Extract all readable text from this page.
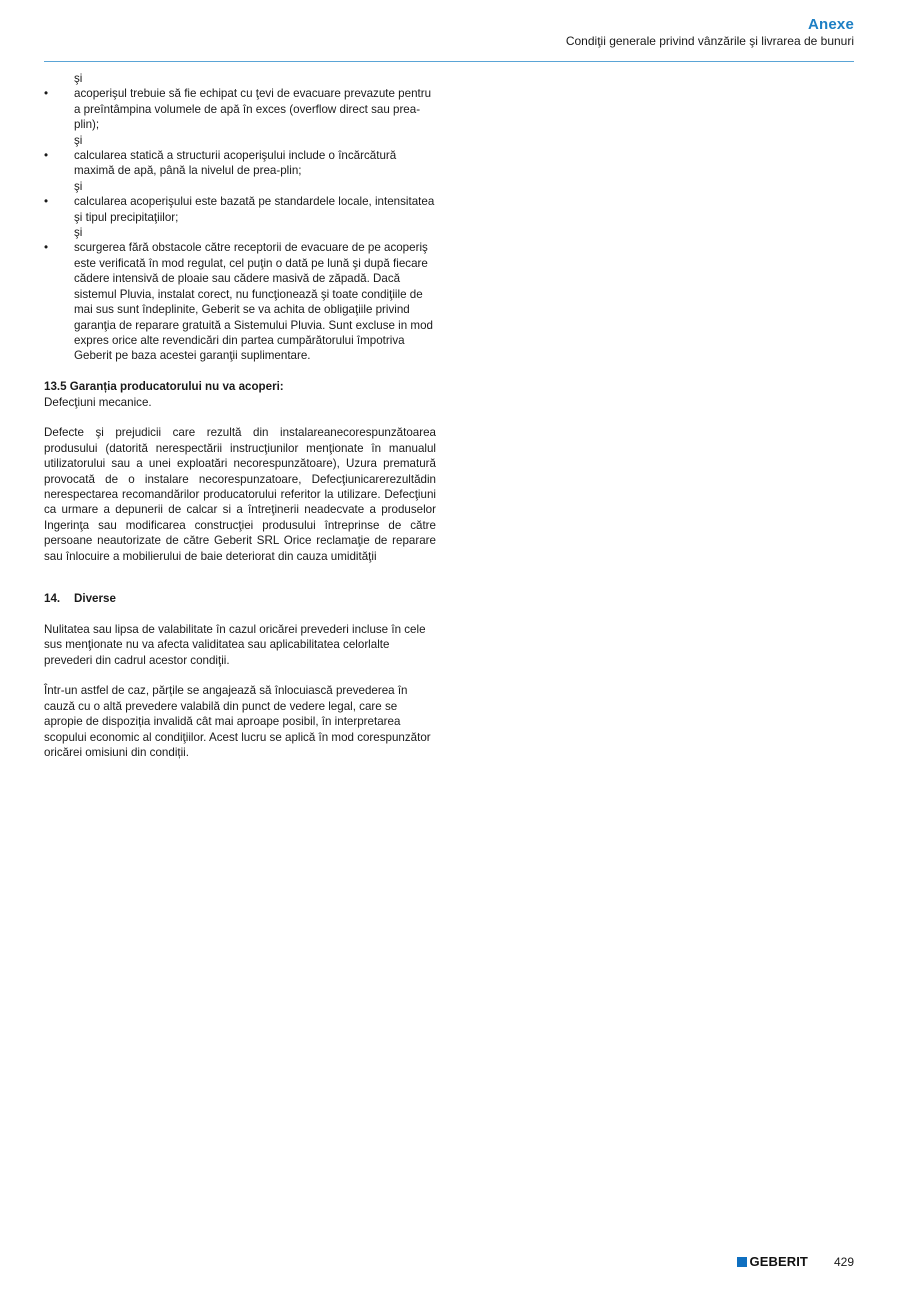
Anexe
Condiţii generale privind vânzările şi livrarea de bunuri
şi
• acoperişul trebuie să fie echipat cu ţevi de evacuare prevazute pentru a preîntâmpina volumele de apă în exces (overflow direct sau prea-plin);
şi
• calcularea statică a structurii acoperişului include o încărcătură maximă de apă, până la nivelul de prea-plin;
şi
• calcularea acoperişului este bazată pe standardele locale, intensitatea şi tipul precipitaţiilor;
şi
• scurgerea fără obstacole către receptorii de evacuare de pe acoperiş este verificată în mod regulat, cel puţin o dată pe lună şi după fiecare cădere intensivă de ploaie sau cădere masivă de zăpadă. Dacă sistemul Pluvia, instalat corect, nu funcţionează şi toate condiţiile de mai sus sunt îndeplinite, Geberit se va achita de obligaţiile privind garanţia de reparare gratuită a Sistemului Pluvia. Sunt excluse in mod expres orice alte revendicări din partea cumpărătorului împotriva Geberit pe baza acestei garanţii suplimentare.
13.5 Garanția producatorului nu va acoperi:
Defecţiuni mecanice.
Defecte şi prejudicii care rezultă din instalareanecorespunzătoarea produsului (datorită nerespectării instrucţiunilor menţionate în manualul utilizatorului sau a unei exploatări necorespunzătoare), Uzura prematură provocată de o instalare necorespunzatoare, Defecţiunicarerezultădin nerespectarea recomandărilor producatorului referitor la utilizare. Defecţiuni ca urmare a depunerii de calcar si a întreţinerii neadecvate a produselor Ingerinţa sau modificarea construcţiei produsului întreprinse de către persoane neautorizate de către Geberit SRL Orice reclamaţie de reparare sau înlocuire a mobilierului de baie deteriorat din cauza umidităţii
14. Diverse
Nulitatea sau lipsa de valabilitate în cazul oricărei prevederi incluse în cele sus menţionate nu va afecta validitatea sau aplicabilitatea celorlalte prevederi din cadrul acestor condiţii.
Într-un astfel de caz, părțile se angajează să înlocuiască prevederea în cauză cu o altă prevedere valabilă din punct de vedere legal, care se apropie de dispoziția invalidă cât mai aproape posibil, în interpretarea scopului economic al condiţiilor. Acest lucru se aplică în mod corespunzător oricărei omisiuni din condiții.
GEBERIT 429
